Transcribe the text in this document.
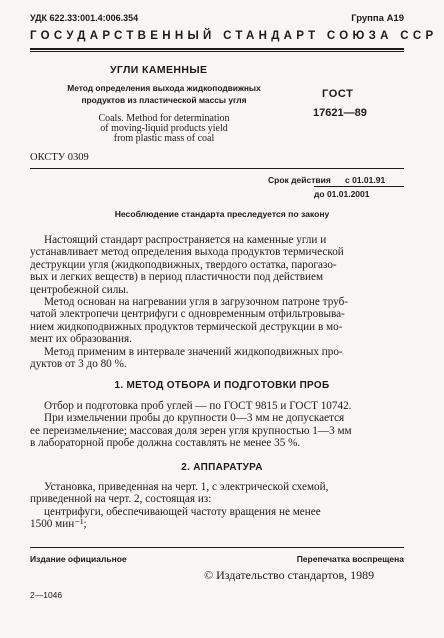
УДК 622.33:001.4:006.354	Группа А19
ГОСУДАРСТВЕННЫЙ СТАНДАРТ СОЮЗА ССР
УГЛИ КАМЕННЫЕ
Метод определения выхода жидкоподвижных
продуктов из пластической массы угля
Coals. Method for determination
of moving-liquid products yield
from plastic mass of coal
ГОСТ
17621—89
ОКСТУ 0309
Срок действия с 01.01.91
до 01.01.2001
Несоблюдение стандарта преследуется по закону

Настоящий стандарт распространяется на каменные угли и

устанавливает метод определения выхода продуктов термической

деструкции угля (жидкоподвижных, твердого остатка, парогазо-

вых и легких веществ) в период пластичности под действием

центробежной силы.

Метод основан на нагревании угля в загрузочном патроне труб-

чатой электропечи центрифуги с одновременным отфильтровыва-

нием жидкоподвижных продуктов термической деструкции в мо-

мент их образования.

Метод применим в интервале значений жидкоподвижных про-

дуктов от 3 до 80 %.

1. МЕТОД ОТБОРА И ПОДГОТОВКИ ПРОБ

Отбор и подготовка проб углей — по ГОСТ 9815 и ГОСТ 10742.

При измельчении пробы до крупности 0—3 мм не допускается

ее переизмельчение; массовая доля зерен угля крупностью 1—3 мм

в лабораторной пробе должна составлять не менее 35 %.

2. АППАРАТУРА

Установка, приведенная на черт. 1, с электрической схемой,

приведенной на черт. 2, состоящая из:

центрифуги, обеспечивающей частоту вращения не менее

1500 мин⁻¹;

Издание официальное	Перепечатка воспрещена
© Издательство стандартов, 1989
2—1046
